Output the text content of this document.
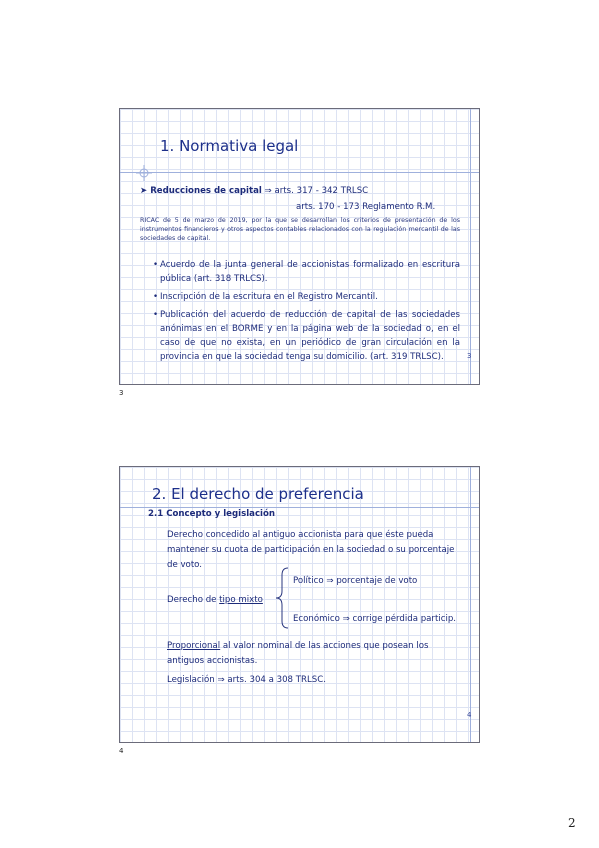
1. Normativa legal
➤ Reducciones de capital ⇒ arts. 317 - 342 TRLSC
arts. 170 - 173 Reglamento R.M.
RICAC de 5 de marzo de 2019, por la que se desarrollan los criterios de presentación de los instrumentos financieros y otros aspectos contables relacionados con la regulación mercantil de las sociedades de capital.
• Acuerdo de la junta general de accionistas formalizado en escritura pública (art. 318 TRLCS).
• Inscripción de la escritura en el Registro Mercantil.
• Publicación del acuerdo de reducción de capital de las sociedades anónimas en el BORME y en la página web de la sociedad o, en el caso de que no exista, en un periódico de gran circulación en la provincia en que la sociedad tenga su domicilio. (art. 319 TRLSC).	3
3
2. El derecho de preferencia
2.1 Concepto y legislación
Derecho concedido al antiguo accionista para que éste pueda mantener su cuota de participación en la sociedad o su porcentaje de voto.
Derecho de tipo mixto
Político ⇒ porcentaje de voto
Económico ⇒ corrige pérdida particip.
Proporcional al valor nominal de las acciones que posean los antiguos accionistas.
Legislación ⇒ arts. 304 a 308 TRLSC.
4
4
2
